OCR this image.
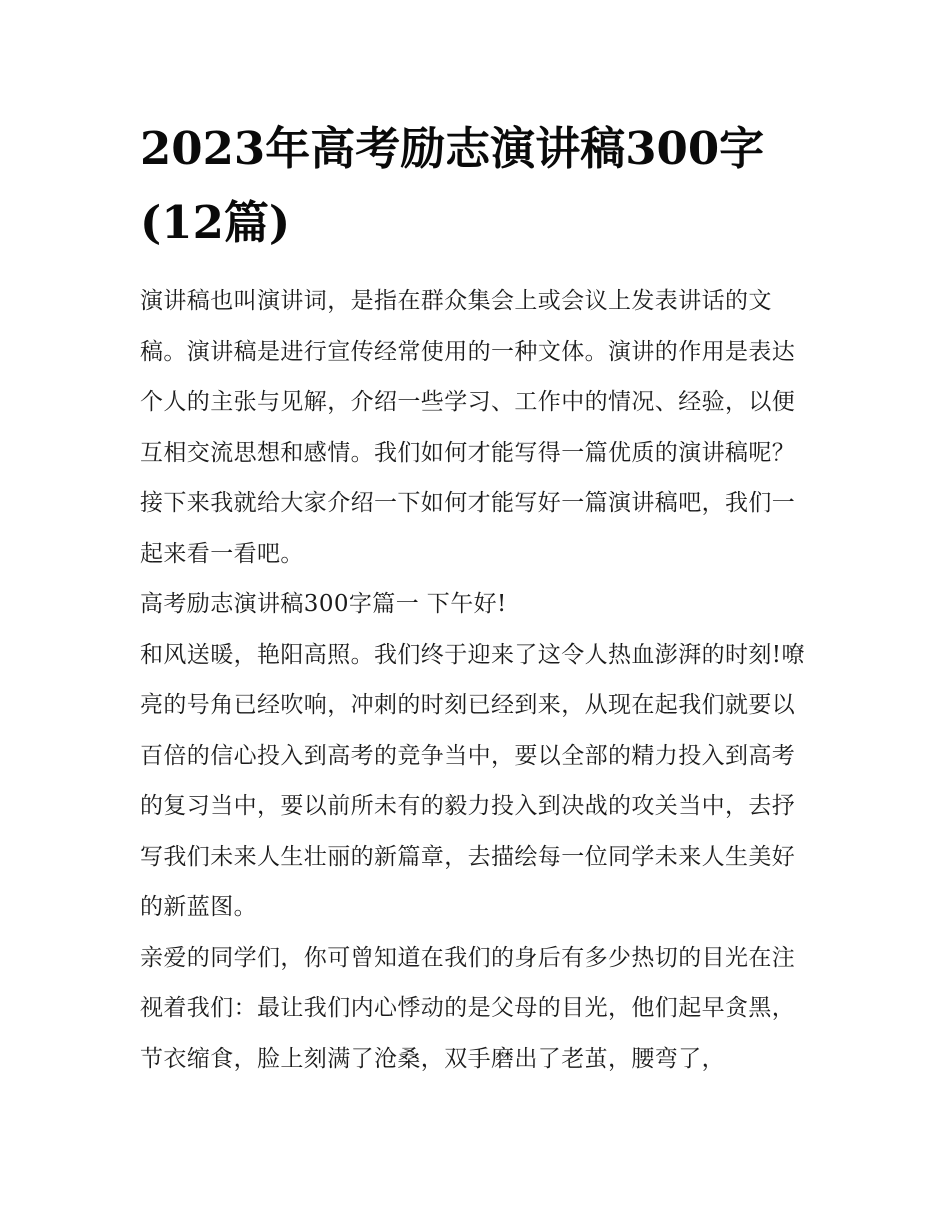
2023年高考励志演讲稿300字(12篇)

演讲稿也叫演讲词，是指在群众集会上或会议上发表讲话的文稿。演讲稿是进行宣传经常使用的一种文体。演讲的作用是表达个人的主张与见解，介绍一些学习、工作中的情况、经验，以便互相交流思想和感情。我们如何才能写得一篇优质的演讲稿呢？接下来我就给大家介绍一下如何才能写好一篇演讲稿吧，我们一起来看一看吧。

高考励志演讲稿300字篇一 下午好!

和风送暖，艳阳高照。我们终于迎来了这令人热血澎湃的时刻!嘹亮的号角已经吹响，冲刺的时刻已经到来，从现在起我们就要以百倍的信心投入到高考的竞争当中，要以全部的精力投入到高考的复习当中，要以前所未有的毅力投入到决战的攻关当中，去抒写我们未来人生壮丽的新篇章，去描绘每一位同学未来人生美好的新蓝图。

亲爱的同学们，你可曾知道在我们的身后有多少热切的目光在注视着我们：最让我们内心悸动的是父母的目光，他们起早贪黑，节衣缩食，脸上刻满了沧桑，双手磨出了老茧，腰弯了，
